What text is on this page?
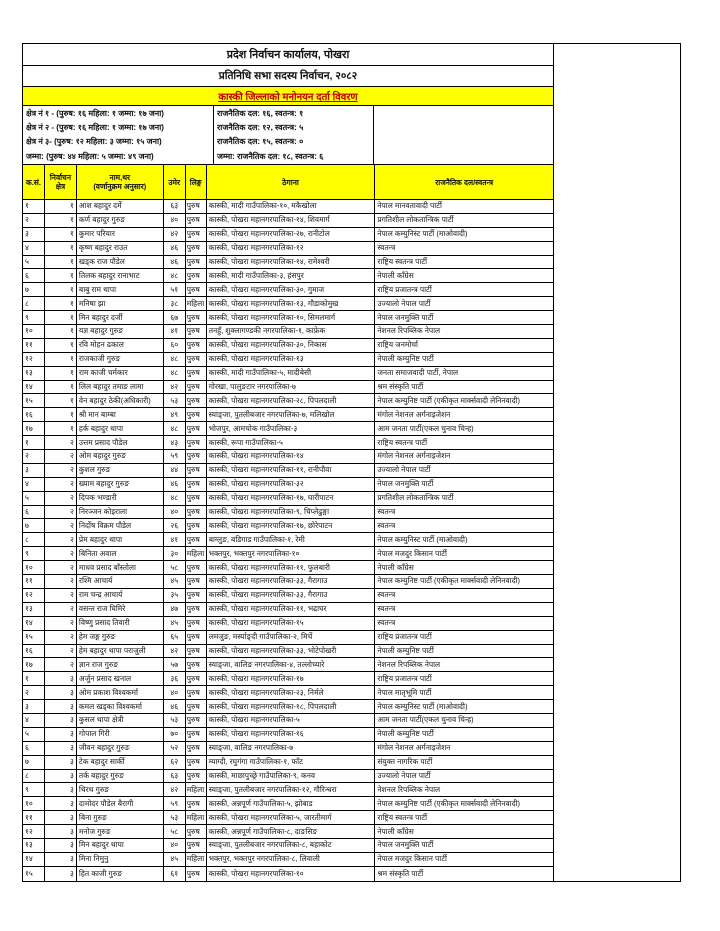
प्रदेश निर्वाचन कार्यालय, पोखरा
प्रतिनिधि सभा सदस्य निर्वाचन, २०८२
कास्की जिल्लाको मनोनयन दर्ता विवरण
क्षेत्र नं १ - (पुरुष: १६ महिला: १ जम्मा: १७ जना)
क्षेत्र नं २ - (पुरुष: १६ महिला: १ जम्मा: १७ जना)
क्षेत्र नं ३- (पुरुष: १२ महिला: ३ जम्मा: १५ जना)
जम्मा: (पुरुष: ४४ महिला: ५ जम्मा: ४९ जना)
राजनैतिक दल: १६, स्वतन्त्र: १
राजनैतिक दल: १२, स्वतन्त्र: ५
राजनैतिक दल: १५, स्वतन्त्र: ०
जम्मा: राजनैतिक दल: १८, स्वतन्त्र: ६
क.सं. निर्वाचन
क्षेत्र
नाम,थर
(वर्णानुक्रम अनुसार)	उमेर लिङ्ग	ठेगाना	राजनैतिक दल/स्वतन्त्र
१	१ आश बहादुर दर्मे	६३	पुरुष	कास्की, मादी गाउँपालिका-१०, मकैखोला	नेपाल मानवतावादी पार्टी
२	१ कर्ण बहादुर गुरुङ	४०	पुरुष	कास्की, पोखरा महानगरपालिका-१४, शिवमार्ग	प्रगतिशील लोकतान्त्रिक पार्टी
३	१ कुमार परियार	४२	पुरुष	कास्की, पोखरा महानगरपालिका-२७, रानीटोल	नेपाल कम्युनिस्ट पार्टी (माओवादी)
४	१ कृष्ण बहादुर राउत	४६	पुरुष	कास्की, पोखरा महानगरपालिका-१२	स्वतन्त्र
५	१ खड्क राज पौडेल	४६	पुरुष	कास्की, पोखरा महानगरपालिका-१४, रामेश्वरी	राष्ट्रिय स्वतन्त्र पार्टी
६	१ तिलक बहादुर रानाभाट	४८	पुरुष	कास्की, मादी गाउँपालिका-३, हंसपुर	नेपाली काँग्रेस
७	१ बाबु राम थापा	५१	पुरुष	कास्की, पोखरा महानगरपालिका-३०, गुमाज	राष्ट्रिय प्रजातन्त्र पार्टी
८	१ मनिषा झा	३८	महिला कास्की, पोखरा महानगरपालिका-१३, गौडाकोमुख	उज्यालो नेपाल पार्टी
९	१ मिन बहादुर दर्जी	६७	पुरुष	कास्की, पोखरा महानगरपालिका-१०, सिमलमार्ग	नेपाल जनमुक्ति पार्टी
१०	१ यज्ञ बहादुर गुरुङ	४१	पुरुष	तनहुँ, शुक्लागण्डकी नगरपालिका-१, काफ्रेक	नेशनल रिपब्लिक नेपाल
११	१ रवि मोहन ढकाल	६०	पुरुष	कास्की, पोखरा महानगरपालिका-३०, निकास	राष्ट्रिय जनमोर्चा
१२	१ राजकाजी गुरुङ	४८	पुरुष	कास्की, पोखरा महानगरपालिका-१३	नेपाली कम्युनिष्ट पार्टी
१३	१ राम काजी चर्मकार	४८	पुरुष	कास्की, मादी गाउँपालिका-५, मादीबेसी	जनता समाजवादी पार्टी, नेपाल
१४	१ लिल बहादुर तमाङ लामा	४२	पुरुष	गोरखा, पालुङटार नगरपालिका-७	श्रम संस्कृति पार्टी
१५	१ वेन बहादुर ठेकी(अधिकारी)	५३	पुरुष	कास्की, पोखरा महानगरपालिका-२८, पिपलदाली	नेपाल कम्युनिष्ट पार्टी (एकीकृत मार्क्सवादी लेनिनवादी)
१६	१ श्री मान बाम्बा	४९	पुरुष	स्याङ्जा, पुतलीबजार नगरपालिका-७, मलिखोल	मंगोल नेशनल अर्गनाइजेशन
१७	१ हर्क बहादुर थापा	४८	पुरुष	भोजपुर, आमचोक गाउँपालिका-३	आम जनता पार्टी(एकल चुनाव चिन्ह)
१	२ उत्तम प्रसाद पौडेल	४३	पुरुष	कास्की, रूपा गाउँपालिका-५	राष्ट्रिय स्वतन्त्र पार्टी
२	२ ओम बहादुर गुरुङ	५९	पुरुष	कास्की, पोखरा महानगरपालिका-१४	मंगोल नेशनल अर्गनाइजेशन
३	२ कुशल गुरुङ	४४	पुरुष	कास्की, पोखरा महानगरपालिका-११, रानीपौवा	उज्यालो नेपाल पार्टी
४	२ ख्याम बहादुर गुरुङ	४६	पुरुष	कास्की, पोखरा महानगरपालिका-३२	नेपाल जनमुक्ति पार्टी
५	२ दिपक भण्डारी	४८	पुरुष	कास्की, पोखरा महानगरपालिका-१७, घारीपाटन	प्रगतिशील लोकतान्त्रिक पार्टी
६	२ निरञ्जन कोइराला	४०	पुरुष	कास्की, पोखरा महानगरपालिका-९, चिप्लेढुङ्गा	स्वतन्त्र
७	२ निर्दोष विक्रम पौडेल	२६	पुरुष	कास्की, पोखरा महानगरपालिका-१७, छोरेपाटन	स्वतन्त्र
८	२ प्रेम बहादुर थापा	४१	पुरुष	बाग्लुङ, बडिगाड गाउँपालिका-१, रेमी	नेपाल कम्युनिस्ट पार्टी (माओवादी)
९	२ बिनिता अवाल	३०	महिला भक्तपुर, भक्तपुर नगरपालिका-१०	नेपाल मजदुर किसान पार्टी
१०	२ माधव प्रसाद बाँस्तोला	५८	पुरुष	कास्की, पोखरा महानगरपालिका-११, फुलबारी	नेपाली काँग्रेस
११	२ रश्मि आचार्य	४५	पुरुष	कास्की, पोखरा महानगरपालिका-३३, गैरागाउ	नेपाल कम्युनिष्ट पार्टी (एकीकृत मार्क्सवादी लेनिनवादी)
१२	२ राम चन्द्र आचार्य	३५	पुरुष	कास्की, पोखरा महानगरपालिका-३३, गैरागाउ	स्वतन्त्र
१३	२ वसन्त राज घिमिरे	४७	पुरुष	कास्की, पोखरा महानगरपालिका-११, भद्राघर	स्वतन्त्र
१४	२ विष्णु प्रसाद तिवारी	४५	पुरुष	कास्की, पोखरा महानगरपालिका-१५	स्वतन्त्र
१५	२ हेम जङ्ग गुरुङ	६५	पुरुष	लमजुङ, मर्स्याङ्दी गाउँपालिका-२, मिर्चे	राष्ट्रिय प्रजातन्त्र पार्टी
१६	२ हेम बहादुर थापा पराजुली	४२	पुरुष	कास्की, पोखरा महानगरपालिका-३३, भोटेपोखरी	नेपाली कम्युनिष्ट पार्टी
१७	२ ज्ञान राज गुरुङ	५७	पुरुष	स्याङ्जा, वालिङ नगरपालिका-४, तल्लोच्यारे	नेशनल रिपब्लिक नेपाल
१	३ अर्जुन प्रसाद खनाल	३६	पुरुष	कास्की, पोखरा महानगरपालिका-१७	राष्ट्रिय प्रजातन्त्र पार्टी
२	३ ओम प्रकाश विश्वकर्मा	४०	पुरुष	कास्की, पोखरा महानगरपालिका-२३, निर्मले	नेपाल मातृभूमि पार्टी
३	३ कमल खड्का विश्वकर्मा	४६	पुरुष	कास्की, पोखरा महानगरपालिका-१८, पिपलदाली	नेपाल कम्युनिस्ट पार्टी (माओवादी)
४	३ कुसल थापा क्षेत्री	५३	पुरुष	कास्की, पोखरा महानगरपालिका-५	आम जनता पार्टी(एकल चुनाव चिन्ह)
५	३ गोपाल गिरी	७०	पुरुष	कास्की, पोखरा महानगरपालिका-१६	नेपाली कम्युनिष्ट पार्टी
६	३ जीवन बहादुर गुरुङ	५२	पुरुष	स्याङ्जा, वालिङ नगरपालिका-७	मंगोल नेशनल अर्गनाइजेशन
७	३ टेक बहादुर सार्की	६२	पुरुष	म्याग्दी, रघुगंगा गाउँपालिका-१, फाँट	संयुक्त नागरिक पार्टी
८	३ तर्क बहादुर गुरुङ	६३	पुरुष	कास्की, माछापुच्छ्रे गाउँपालिका-९, कनव	उज्यालो नेपाल पार्टी
९	३ थिरथ गुरुङ	४२	महिला स्याङ्जा, पुतलीबजार नगरपालिका-१२, गौरिन्धरा	नेशनल रिपब्लिक नेपाल
१०	३ दामोदर पौडेल बैरागी	५९	पुरुष	कास्की, अन्नपूर्ण गाउँपालिका-५, झोबाड	नेपाल कम्युनिष्ट पार्टी (एकीकृत मार्क्सवादी लेनिनवादी)
११	३ बिना गुरुङ	५३	महिला कास्की, पोखरा महानगरपालिका-५, जारतीमार्ग	राष्ट्रिय स्वतन्त्र पार्टी
१२	३ मनोज गुरुङ	५८	पुरुष	कास्की, अन्नपूर्ण गाउँपालिका-८, दाङसिङ	नेपाली काँग्रेस
१३	३ मिन बहादुर थापा	४०	पुरुष	स्याङ्जा, पुतलीबजार नगरपालिका-८, बहाकोट	नेपाल जनमुक्ति पार्टी
१४	३ मिना निमुनु	४५	महिला भक्तपुर, भक्तपुर नगरपालिका-८, लिवाली	नेपाल मजदुर किसान पार्टी
१५	३ हित काजी गुरुङ	६१	पुरुष	कास्की, पोखरा महानगरपालिका-१०	श्रम संस्कृति पार्टी
